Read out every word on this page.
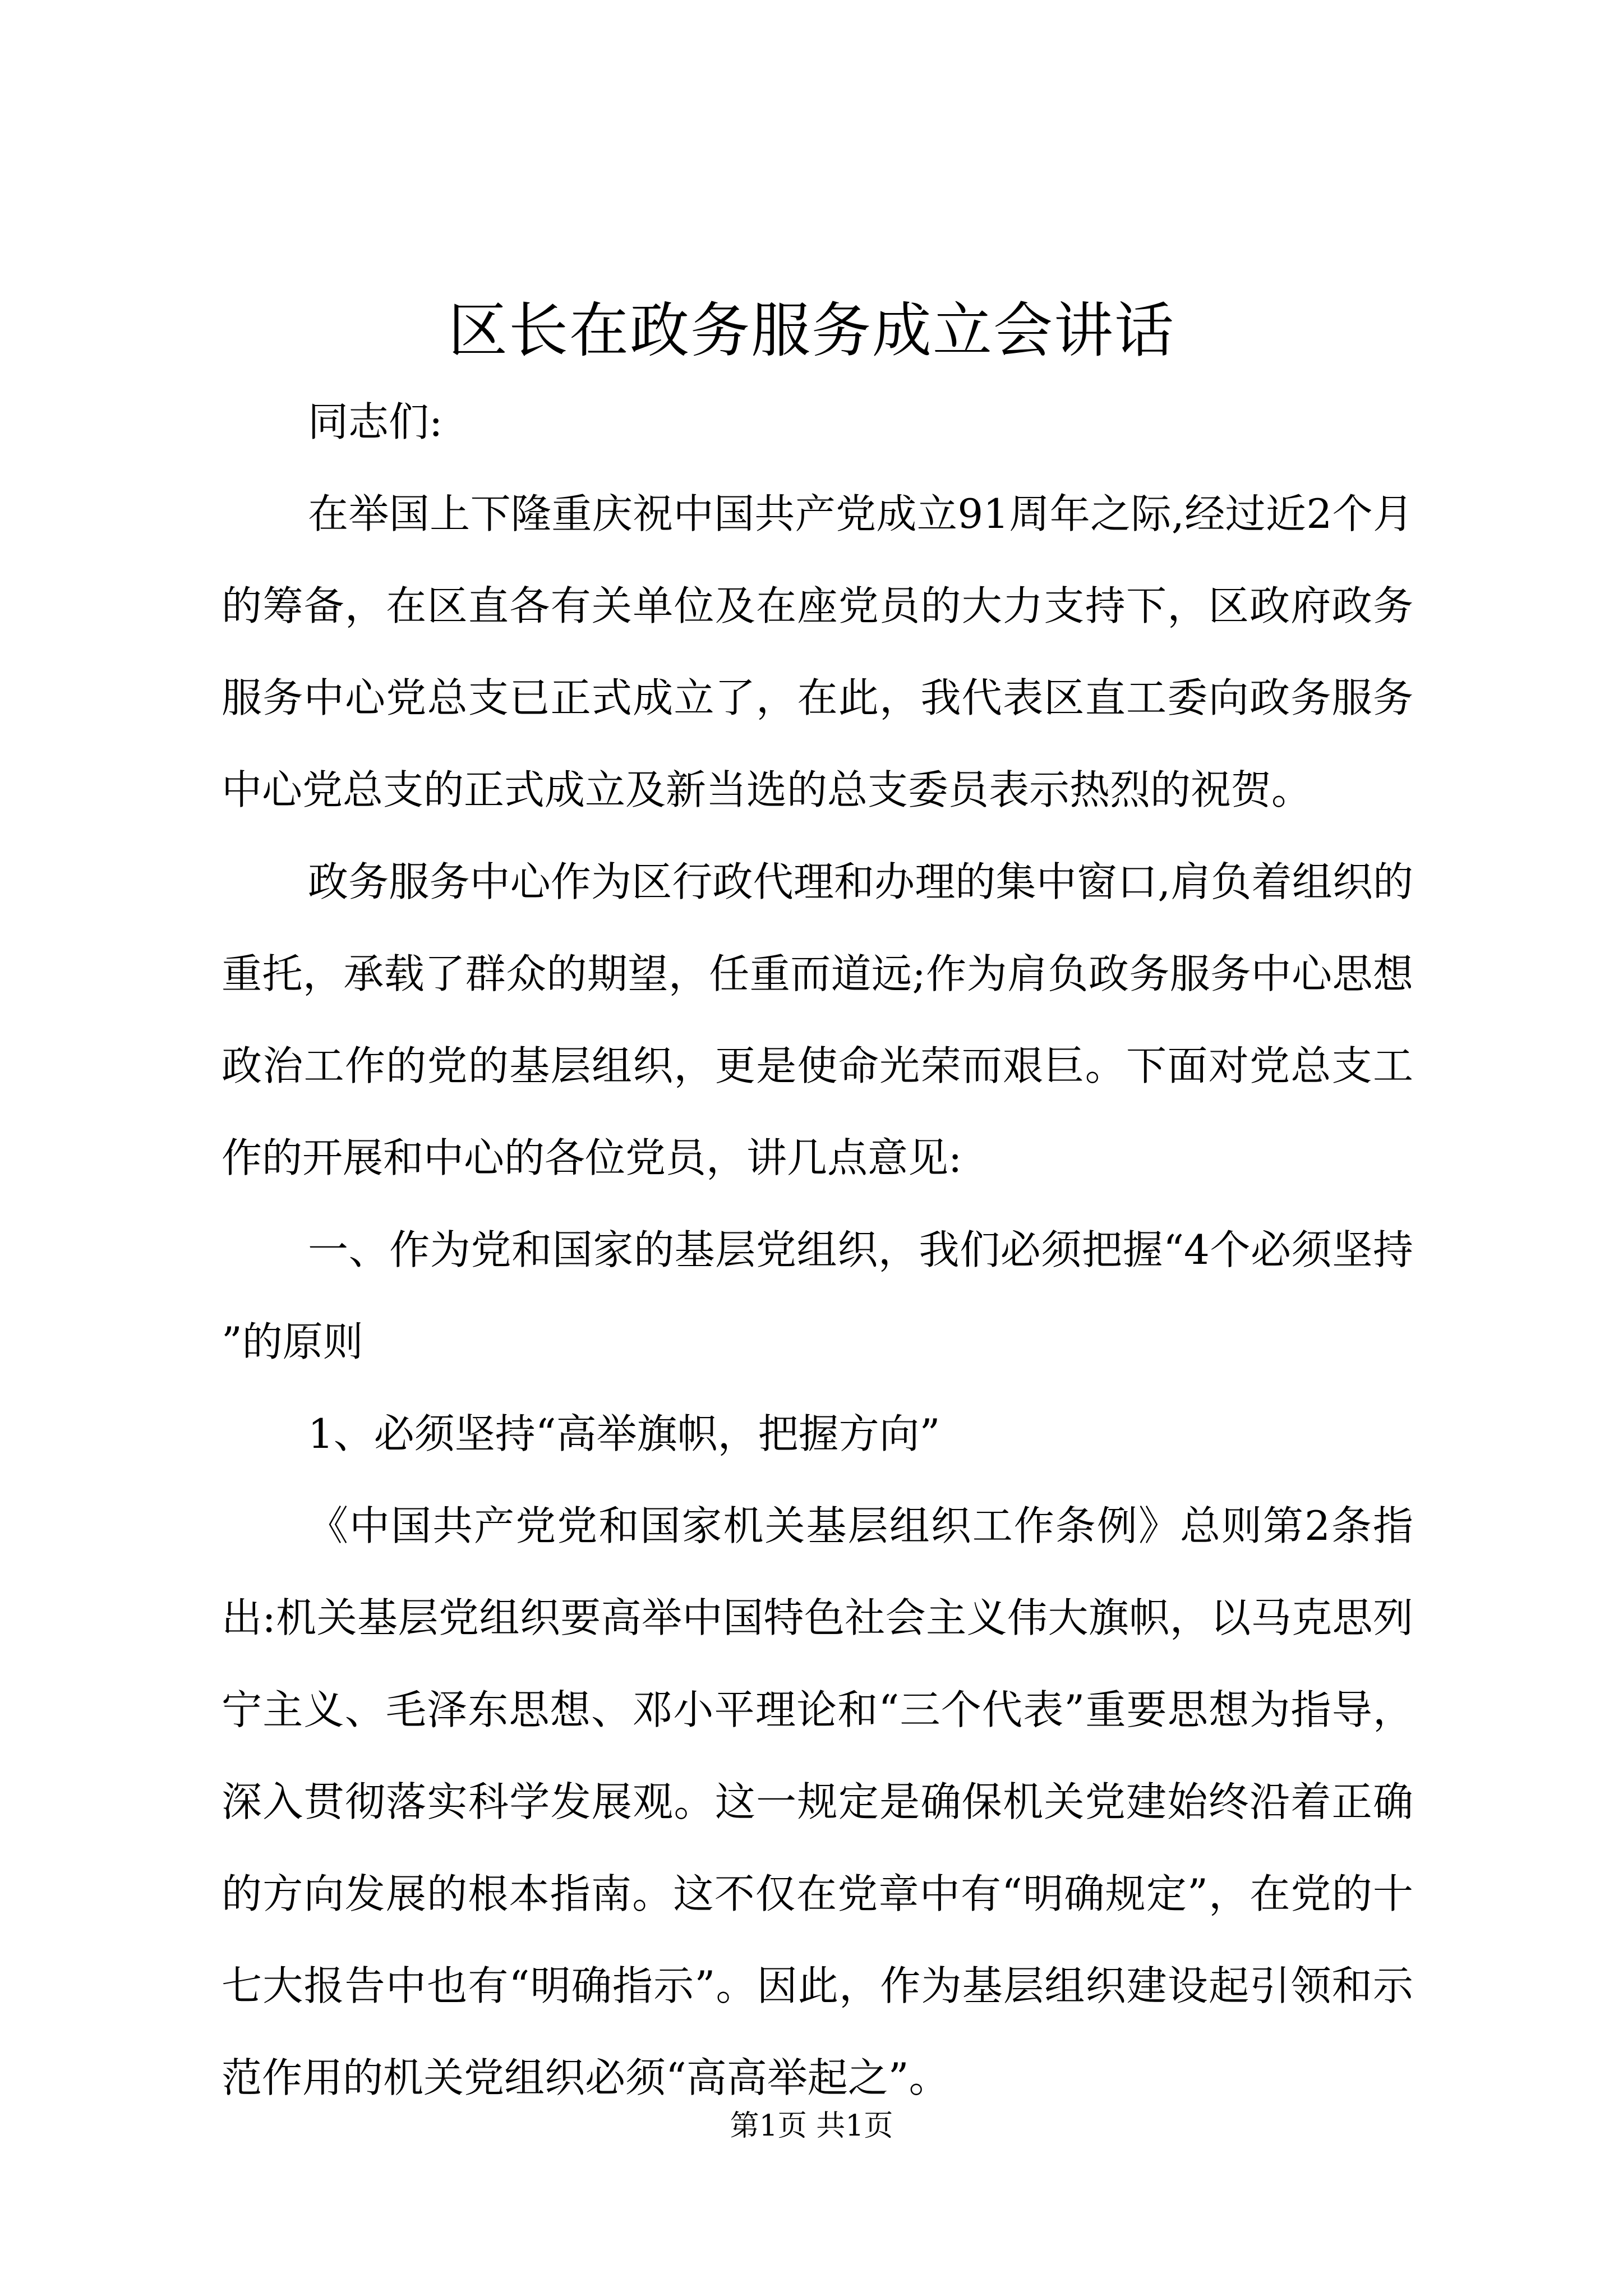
区长在政务服务成立会讲话

同志们:

在举国上下隆重庆祝中国共产党成立91周年之际,经过近2个月的筹备，在区直各有关单位及在座党员的大力支持下，区政府政务服务中心党总支已正式成立了，在此，我代表区直工委向政务服务中心党总支的正式成立及新当选的总支委员表示热烈的祝贺。

政务服务中心作为区行政代理和办理的集中窗口,肩负着组织的重托，承载了群众的期望，任重而道远;作为肩负政务服务中心思想政治工作的党的基层组织，更是使命光荣而艰巨。下面对党总支工作的开展和中心的各位党员，讲几点意见:

一、作为党和国家的基层党组织，我们必须把握“4个必须坚持”的原则

1、必须坚持“高举旗帜，把握方向”

《中国共产党党和国家机关基层组织工作条例》总则第2条指出:机关基层党组织要高举中国特色社会主义伟大旗帜，以马克思列宁主义、毛泽东思想、邓小平理论和“三个代表”重要思想为指导，深入贯彻落实科学发展观。这一规定是确保机关党建始终沿着正确的方向发展的根本指南。这不仅在党章中有“明确规定”，在党的十七大报告中也有“明确指示”。因此，作为基层组织建设起引领和示范作用的机关党组织必须“高高举起之”。

第1页 共1页
